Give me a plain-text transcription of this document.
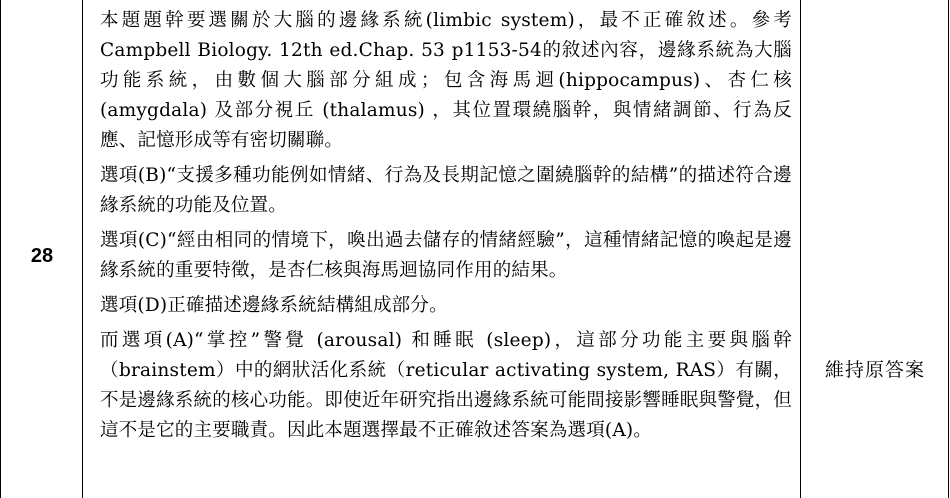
28

本題題幹要選關於大腦的邊緣系統(limbic system)，最不正確敘述。參考Campbell Biology. 12th ed.Chap. 53 p1153-54的敘述內容，邊緣系統為大腦功能系統，由數個大腦部分組成；包含海馬迴(hippocampus)、杏仁核 (amygdala) 及部分視丘 (thalamus) ，其位置環繞腦幹，與情緒調節、行為反應、記憶形成等有密切關聯。

選項(B)“支援多種功能例如情緒、行為及長期記憶之圍繞腦幹的結構”的描述符合邊緣系統的功能及位置。

選項(C)“經由相同的情境下，喚出過去儲存的情緒經驗”，這種情緒記憶的喚起是邊緣系統的重要特徵，是杏仁核與海馬迴協同作用的結果。

選項(D)正確描述邊緣系統結構組成部分。

而選項(A)“掌控”警覺 (arousal) 和睡眠 (sleep)，這部分功能主要與腦幹（brainstem）中的網狀活化系統（reticular activating system, RAS）有關，不是邊緣系統的核心功能。即使近年研究指出邊緣系統可能間接影響睡眠與警覺，但這不是它的主要職責。因此本題選擇最不正確敘述答案為選項(A)。

維持原答案
